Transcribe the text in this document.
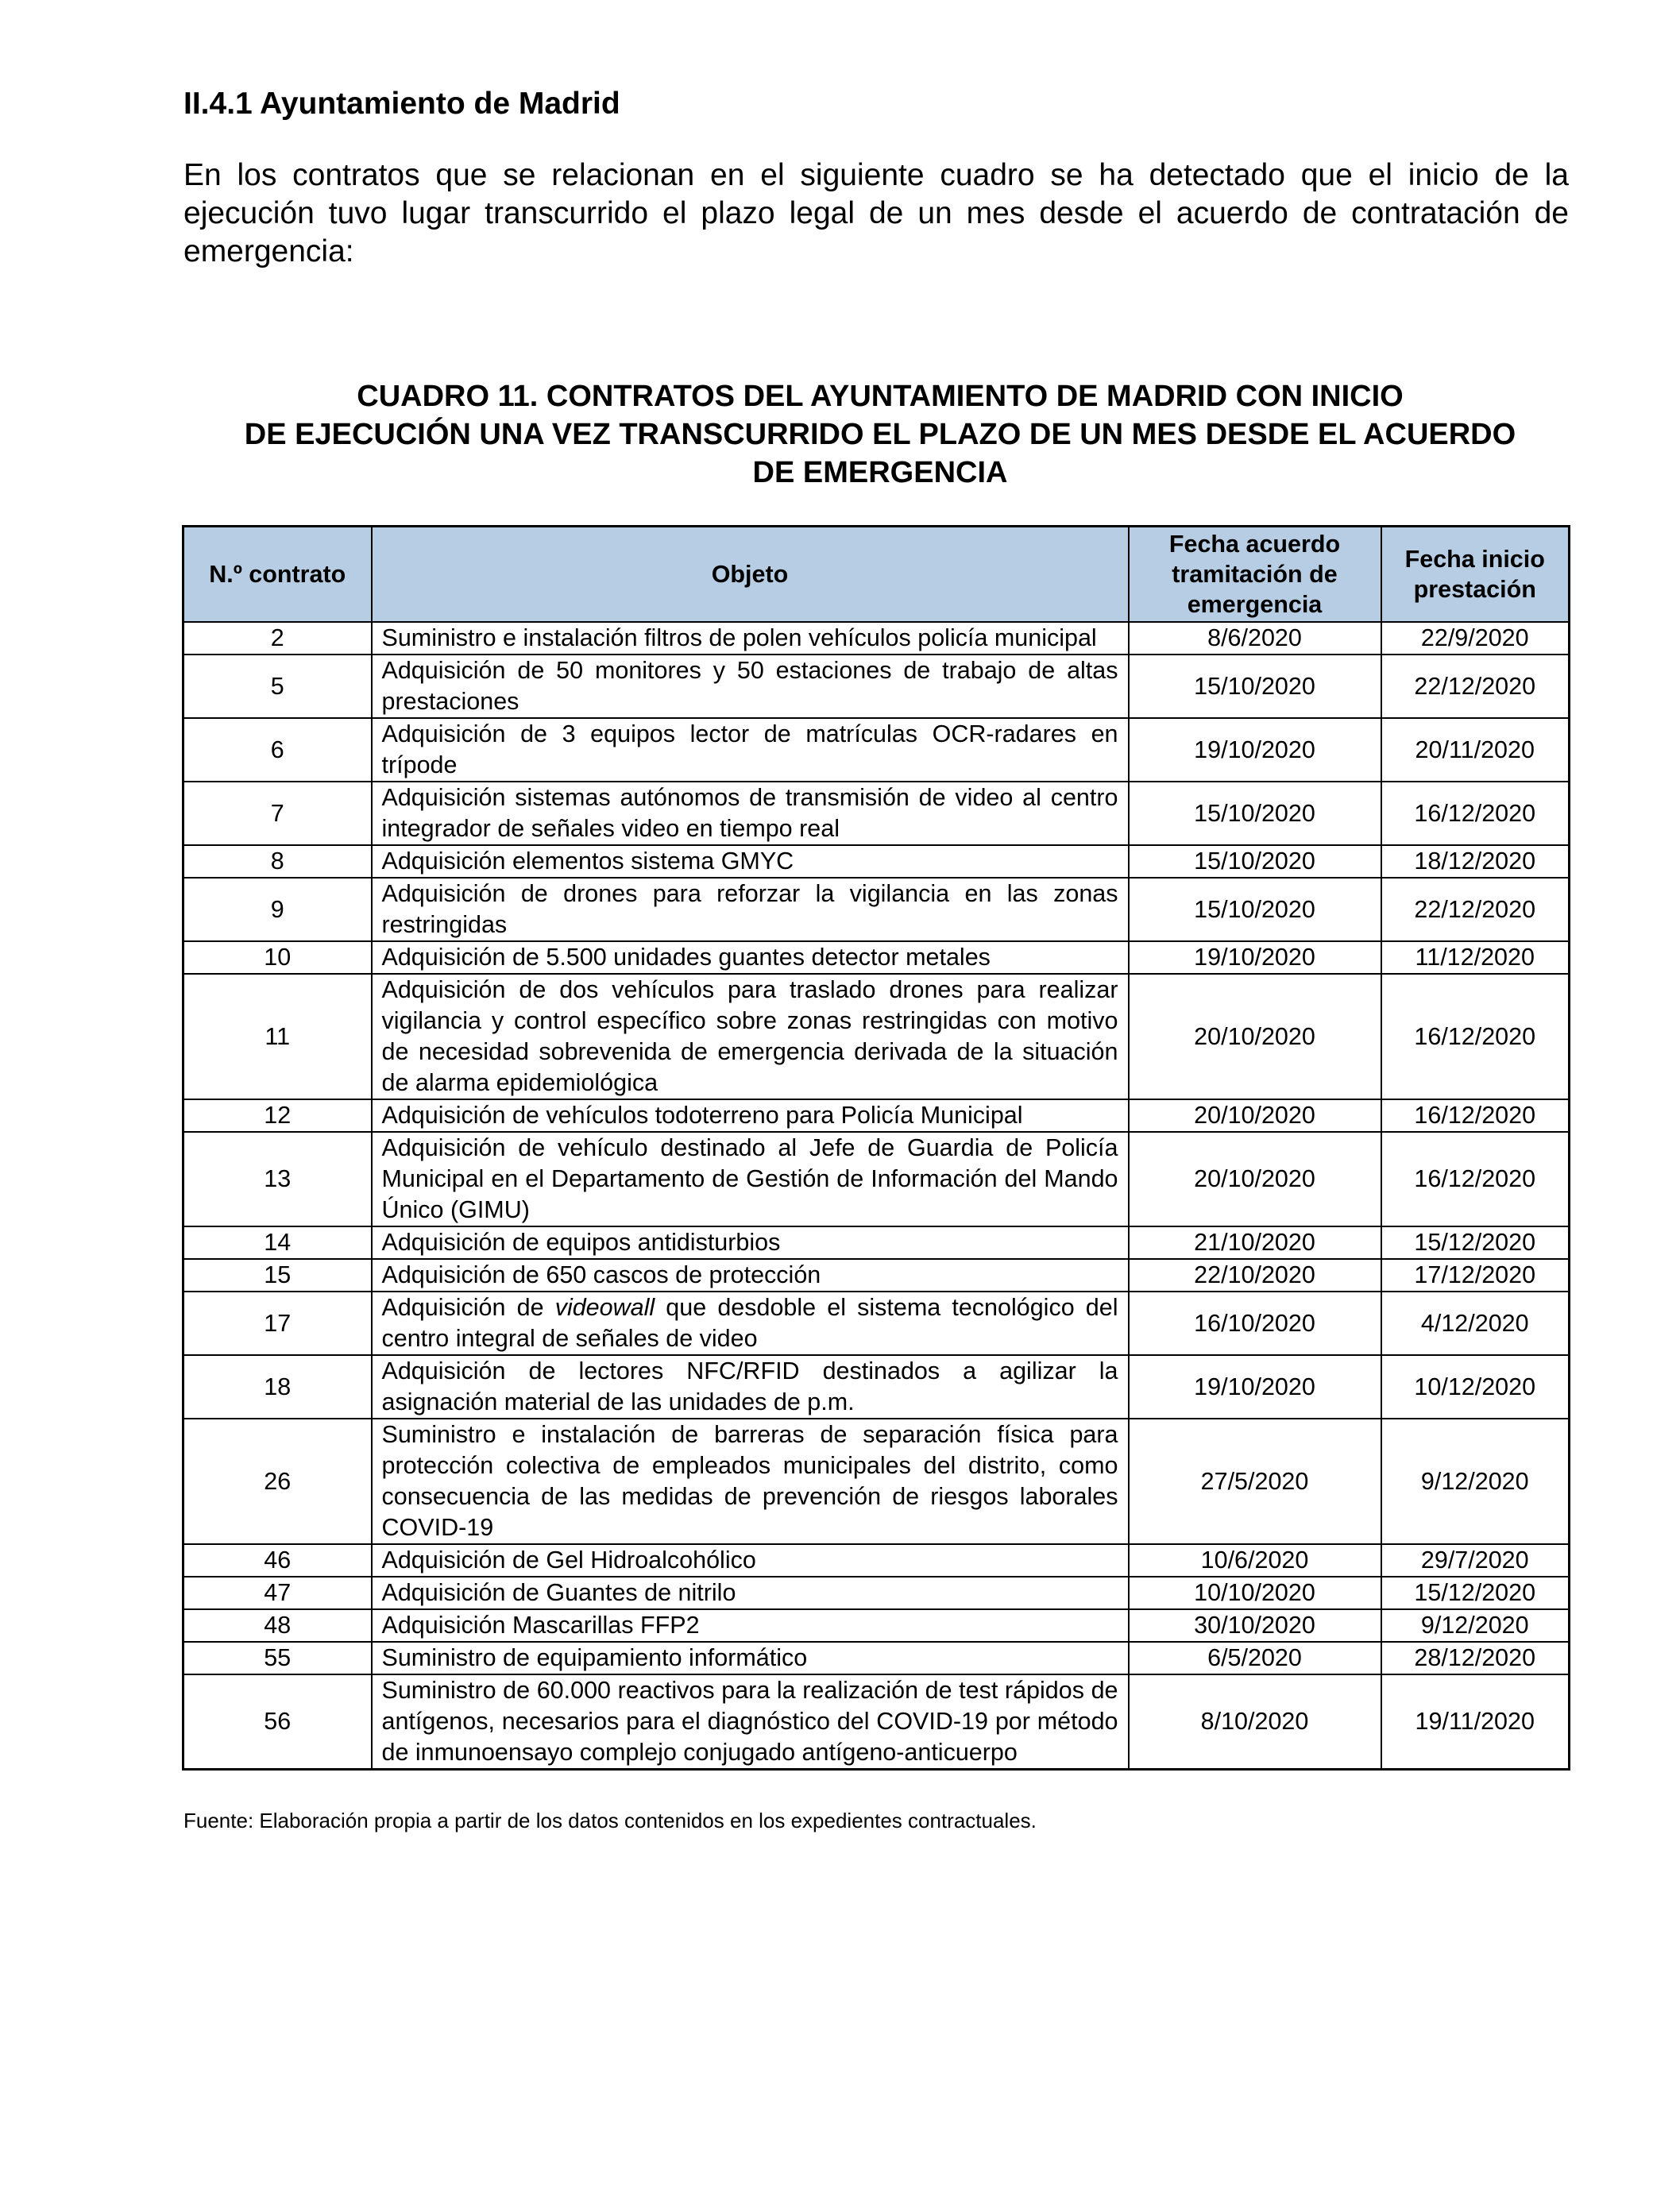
II.4.1 Ayuntamiento de Madrid
En los contratos que se relacionan en el siguiente cuadro se ha detectado que el inicio de la ejecución tuvo lugar transcurrido el plazo legal de un mes desde el acuerdo de contratación de emergencia:
CUADRO 11. CONTRATOS DEL AYUNTAMIENTO DE MADRID CON INICIO
DE EJECUCIÓN UNA VEZ TRANSCURRIDO EL PLAZO DE UN MES DESDE EL ACUERDO
DE EMERGENCIA
N.º contrato	Objeto	Fecha acuerdo tramitación de emergencia	Fecha inicio prestación
2	Suministro e instalación filtros de polen vehículos policía municipal	8/6/2020	22/9/2020
5	Adquisición de 50 monitores y 50 estaciones de trabajo de altas prestaciones	15/10/2020	22/12/2020
6	Adquisición de 3 equipos lector de matrículas OCR-radares en trípode	19/10/2020	20/11/2020
7	Adquisición sistemas autónomos de transmisión de video al centro integrador de señales video en tiempo real	15/10/2020	16/12/2020
8	Adquisición elementos sistema GMYC	15/10/2020	18/12/2020
9	Adquisición de drones para reforzar la vigilancia en las zonas restringidas	15/10/2020	22/12/2020
10	Adquisición de 5.500 unidades guantes detector metales	19/10/2020	11/12/2020
11	Adquisición de dos vehículos para traslado drones para realizar vigilancia y control específico sobre zonas restringidas con motivo de necesidad sobrevenida de emergencia derivada de la situación de alarma epidemiológica	20/10/2020	16/12/2020
12	Adquisición de vehículos todoterreno para Policía Municipal	20/10/2020	16/12/2020
13	Adquisición de vehículo destinado al Jefe de Guardia de Policía Municipal en el Departamento de Gestión de Información del Mando Único (GIMU)	20/10/2020	16/12/2020
14	Adquisición de equipos antidisturbios	21/10/2020	15/12/2020
15	Adquisición de 650 cascos de protección	22/10/2020	17/12/2020
17	Adquisición de videowall que desdoble el sistema tecnológico del centro integral de señales de video	16/10/2020	4/12/2020
18	Adquisición de lectores NFC/RFID destinados a agilizar la asignación material de las unidades de p.m.	19/10/2020	10/12/2020
26	Suministro e instalación de barreras de separación física para protección colectiva de empleados municipales del distrito, como consecuencia de las medidas de prevención de riesgos laborales COVID-19	27/5/2020	9/12/2020
46	Adquisición de Gel Hidroalcohólico	10/6/2020	29/7/2020
47	Adquisición de Guantes de nitrilo	10/10/2020	15/12/2020
48	Adquisición Mascarillas FFP2	30/10/2020	9/12/2020
55	Suministro de equipamiento informático	6/5/2020	28/12/2020
56	Suministro de 60.000 reactivos para la realización de test rápidos de antígenos, necesarios para el diagnóstico del COVID-19 por método de inmunoensayo complejo conjugado antígeno-anticuerpo	8/10/2020	19/11/2020
Fuente: Elaboración propia a partir de los datos contenidos en los expedientes contractuales.
